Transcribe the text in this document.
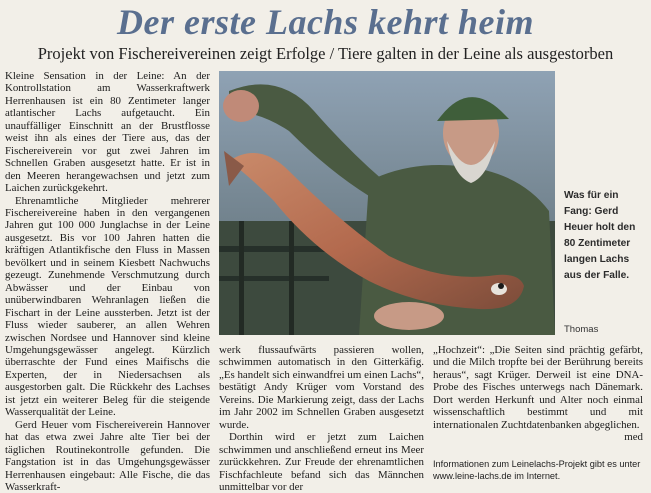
Der erste Lachs kehrt heim
Projekt von Fischereivereinen zeigt Erfolge / Tiere galten in der Leine als ausgestorben

Kleine Sensation in der Leine: An der Kontrollstation am Wasserkraftwerk Herrenhausen ist ein 80 Zentimeter langer atlantischer Lachs aufgetaucht. Ein unauffälliger Einschnitt an der Brustflosse weist ihn als eines der Tiere aus, das der Fischereiverein vor gut zwei Jahren im Schnellen Graben ausgesetzt hatte. Er ist in den Meeren herangewachsen und jetzt zum Laichen zurückgekehrt.

Ehrenamtliche Mitglieder mehrerer Fischereivereine haben in den vergangenen Jahren gut 100 000 Junglachse in der Leine ausgesetzt. Bis vor 100 Jahren hatten die kräftigen Atlantikfische den Fluss in Massen bevölkert und in seinem Kiesbett Nachwuchs gezeugt. Zunehmende Verschmutzung durch Abwässer und der Einbau von unüberwindbaren Wehranlagen ließen die Fischart in der Leine aussterben. Jetzt ist der Fluss wieder sauberer, an allen Wehren zwischen Nordsee und Hannover sind kleine Umgehungsgewässer angelegt. Kürzlich überraschte der Fund eines Maifischs die Experten, der in Niedersachsen als ausgestorben galt. Die Rückkehr des Lachses ist jetzt ein weiterer Beleg für die steigende Wasserqualität der Leine.

Gerd Heuer vom Fischereiverein Hannover hat das etwa zwei Jahre alte Tier bei der täglichen Routinekontrolle gefunden. Die Fangstation ist in das Umgehungsgewässer Herrenhausen eingebaut: Alle Fische, die das Wasserkraft-

Was für ein Fang: Gerd Heuer holt den 80 Zentimeter langen Lachs aus der Falle.
Thomas

werk flussaufwärts passieren wollen, schwimmen automatisch in den Gitterkäfig. „Es handelt sich einwandfrei um einen Lachs“, bestätigt Andy Krüger vom Vorstand des Vereins. Die Markierung zeigt, dass der Lachs im Jahr 2002 im Schnellen Graben ausgesetzt wurde.

Dorthin wird er jetzt zum Laichen schwimmen und anschließend erneut ins Meer zurückkehren. Zur Freude der ehrenamtlichen Fischfachleute befand sich das Männchen unmittelbar vor der

„Hochzeit“: „Die Seiten sind prächtig gefärbt, und die Milch tropfte bei der Berührung bereits heraus“, sagt Krüger. Derweil ist eine DNA-Probe des Fisches unterwegs nach Dänemark. Dort werden Herkunft und Alter noch einmal wissenschaftlich bestimmt und mit internationalen Zuchtdatenbanken abgeglichen.

med
Informationen zum Leinelachs-Projekt gibt es unter www.leine-lachs.de im Internet.
